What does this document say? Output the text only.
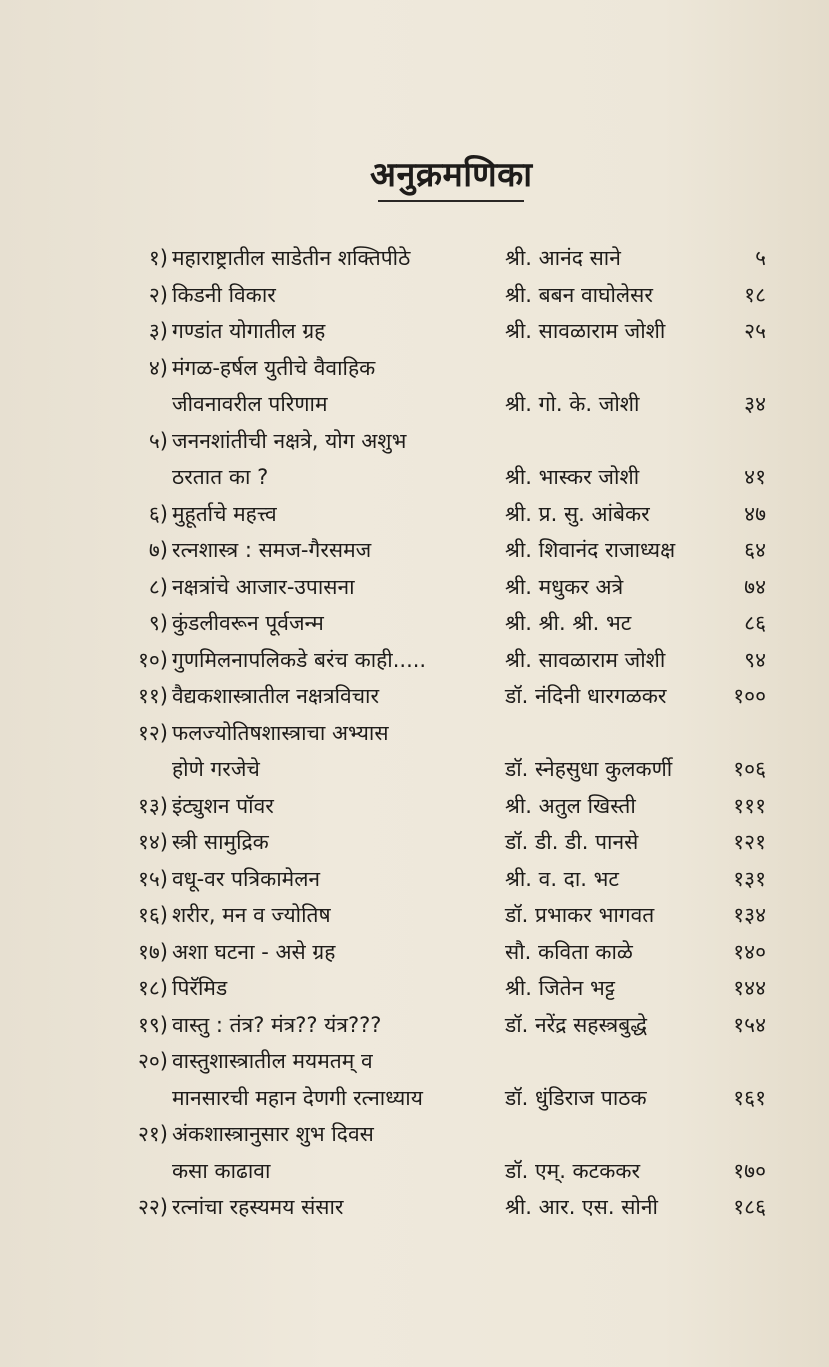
अनुक्रमणिका
१) महाराष्ट्रातील साडेतीन शक्तिपीठे	श्री. आनंद साने	५
२) किडनी विकार	श्री. बबन वाघोलेसर	१८
३) गण्डांत योगातील ग्रह	श्री. सावळाराम जोशी	२५
४) मंगळ-हर्षल युतीचे वैवाहिक
जीवनावरील परिणाम	श्री. गो. के. जोशी	३४
५) जननशांतीची नक्षत्रे, योग अशुभ
ठरतात का ?	श्री. भास्कर जोशी	४१
६) मुहूर्ताचे महत्त्व	श्री. प्र. सु. आंबेकर	४७
७) रत्नशास्त्र : समज-गैरसमज	श्री. शिवानंद राजाध्यक्ष	६४
८) नक्षत्रांचे आजार-उपासना	श्री. मधुकर अत्रे	७४
९) कुंडलीवरून पूर्वजन्म	श्री. श्री. श्री. भट	८६
१०) गुणमिलनापलिकडे बरंच काही.....	श्री. सावळाराम जोशी	९४
११) वैद्यकशास्त्रातील नक्षत्रविचार	डॉ. नंदिनी धारगळकर	१००
१२) फलज्योतिषशास्त्राचा अभ्यास
होणे गरजेचे	डॉ. स्नेहसुधा कुलकर्णी	१०६
१३) इंट्युशन पॉवर	श्री. अतुल खिस्ती	१११
१४) स्त्री सामुद्रिक	डॉ. डी. डी. पानसे	१२१
१५) वधू-वर पत्रिकामेलन	श्री. व. दा. भट	१३१
१६) शरीर, मन व ज्योतिष	डॉ. प्रभाकर भागवत	१३४
१७) अशा घटना - असे ग्रह	सौ. कविता काळे	१४०
१८) पिरॅमिड	श्री. जितेन भट्ट	१४४
१९) वास्तु : तंत्र? मंत्र?? यंत्र???	डॉ. नरेंद्र सहस्त्रबुद्धे	१५४
२०) वास्तुशास्त्रातील मयमतम् व
मानसारची महान देणगी रत्नाध्याय	डॉ. धुंडिराज पाठक	१६१
२१) अंकशास्त्रानुसार शुभ दिवस
कसा काढावा	डॉ. एम्. कटककर	१७०
२२) रत्नांचा रहस्यमय संसार	श्री. आर. एस. सोनी	१८६
